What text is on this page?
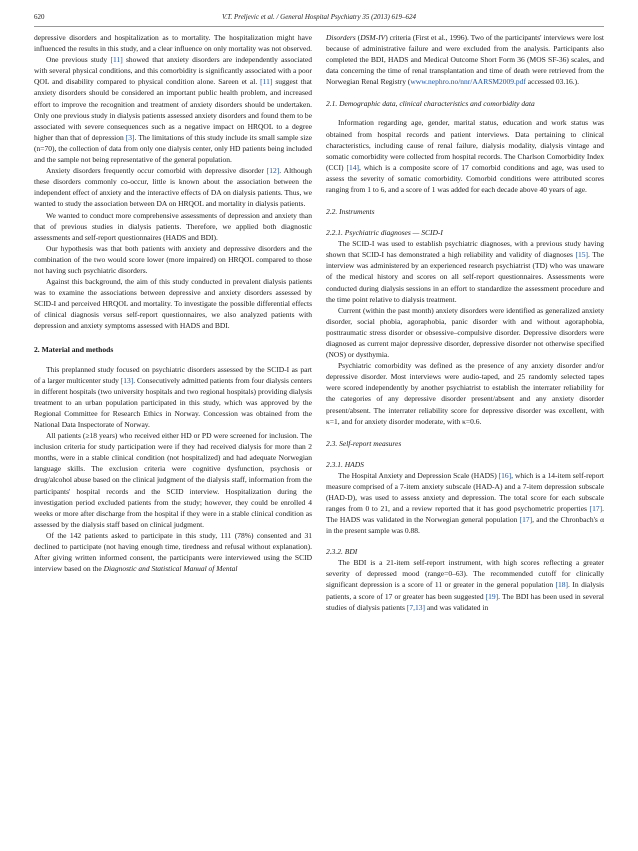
620	V.T. Preljevic et al. / General Hospital Psychiatry 35 (2013) 619–624

depressive disorders and hospitalization as to mortality. The hospitalization might have influenced the results in this study, and a clear influence on only mortality was not observed.

One previous study [11] showed that anxiety disorders are independently associated with several physical conditions, and this comorbidity is significantly associated with a poor QOL and disability compared to physical condition alone. Sareen et al. [11] suggest that anxiety disorders should be considered an important public health problem, and increased effort to improve the recognition and treatment of anxiety disorders should be undertaken. Only one previous study in dialysis patients assessed anxiety disorders and found them to be associated with severe consequences such as a negative impact on HRQOL to a degree higher than that of depression [3]. The limitations of this study include its small sample size (n=70), the collection of data from only one dialysis center, only HD patients being included and the sample not being representative of the general population.

Anxiety disorders frequently occur comorbid with depressive disorder [12]. Although these disorders commonly co-occur, little is known about the association between the independent effect of anxiety and the interactive effects of DA on dialysis patients. Thus, we wanted to study the association between DA on HRQOL and mortality in dialysis patients.

We wanted to conduct more comprehensive assessments of depression and anxiety than that of previous studies in dialysis patients. Therefore, we applied both diagnostic assessments and self-report questionnaires (HADS and BDI).

Our hypothesis was that both patients with anxiety and depressive disorders and the combination of the two would score lower (more impaired) on HRQOL compared to those not having such psychiatric disorders.

Against this background, the aim of this study conducted in prevalent dialysis patients was to examine the associations between depressive and anxiety disorders assessed by SCID-I and perceived HRQOL and mortality. To investigate the possible differential effects of clinical diagnosis versus self-report questionnaires, we also analyzed patients with depression and anxiety symptoms assessed with HADS and BDI.

2. Material and methods

This preplanned study focused on psychiatric disorders assessed by the SCID-I as part of a larger multicenter study [13]. Consecutively admitted patients from four dialysis centers in different hospitals (two university hospitals and two regional hospitals) providing dialysis treatment to an urban population participated in this study, which was approved by the Regional Committee for Research Ethics in Norway. Concession was obtained from the National Data Inspectorate of Norway.

All patients (≥18 years) who received either HD or PD were screened for inclusion. The inclusion criteria for study participation were if they had received dialysis for more than 2 months, were in a stable clinical condition (not hospitalized) and had adequate Norwegian language skills. The exclusion criteria were cognitive dysfunction, psychosis or drug/alcohol abuse based on the clinical judgment of the dialysis staff, information from the participants' hospital records and the SCID interview. Hospitalization during the investigation period excluded patients from the study; however, they could be enrolled 4 weeks or more after discharge from the hospital if they were in a stable clinical condition as assessed by the dialysis staff based on clinical judgment.

Of the 142 patients asked to participate in this study, 111 (78%) consented and 31 declined to participate (not having enough time, tiredness and refusal without explanation). After giving written informed consent, the participants were interviewed using the SCID interview based on the Diagnostic and Statistical Manual of Mental

Disorders (DSM-IV) criteria (First et al., 1996). Two of the participants' interviews were lost because of administrative failure and were excluded from the analysis. Participants also completed the BDI, HADS and Medical Outcome Short Form 36 (MOS SF-36) scales, and data concerning the time of renal transplantation and time of death were retrieved from the Norwegian Renal Registry (www.nephro.no/nnr/AARSM2009.pdf accessed 03.16.).

2.1. Demographic data, clinical characteristics and comorbidity data

Information regarding age, gender, marital status, education and work status was obtained from hospital records and patient interviews. Data pertaining to clinical characteristics, including cause of renal failure, dialysis modality, dialysis vintage and somatic comorbidity were collected from hospital records. The Charlson Comorbidity Index (CCI) [14], which is a composite score of 17 comorbid conditions and age, was used to assess the severity of somatic comorbidity. Comorbid conditions were attributed scores ranging from 1 to 6, and a score of 1 was added for each decade above 40 years of age.

2.2. Instruments
2.2.1. Psychiatric diagnoses — SCID-I

The SCID-I was used to establish psychiatric diagnoses, with a previous study having shown that SCID-I has demonstrated a high reliability and validity of diagnoses [15]. The interview was administered by an experienced research psychiatrist (TD) who was unaware of the medical history and scores on all self-report questionnaires. Assessments were conducted during dialysis sessions in an effort to standardize the assessment procedure and the time point relative to dialysis treatment.

Current (within the past month) anxiety disorders were identified as generalized anxiety disorder, social phobia, agoraphobia, panic disorder with and without agoraphobia, posttraumatic stress disorder or obsessive–compulsive disorder. Depressive disorders were diagnosed as current major depressive disorder, depressive disorder not otherwise specified (NOS) or dysthymia.

Psychiatric comorbidity was defined as the presence of any anxiety disorder and/or depressive disorder. Most interviews were audio-taped, and 25 randomly selected tapes were scored independently by another psychiatrist to establish the interrater reliability for the categories of any depressive disorder present/absent and any anxiety disorder present/absent. The interrater reliability score for depressive disorder was excellent, with κ=1, and for anxiety disorder moderate, with κ=0.6.

2.3. Self-report measures
2.3.1. HADS

The Hospital Anxiety and Depression Scale (HADS) [16], which is a 14-item self-report measure comprised of a 7-item anxiety subscale (HAD-A) and a 7-item depression subscale (HAD-D), was used to assess anxiety and depression. The total score for each subscale ranges from 0 to 21, and a review reported that it has good psychometric properties [17]. The HADS was validated in the Norwegian general population [17], and the Chronbach's α in the present sample was 0.88.

2.3.2. BDI

The BDI is a 21-item self-report instrument, with high scores reflecting a greater severity of depressed mood (range=0–63). The recommended cutoff for clinically significant depression is a score of 11 or greater in the general population [18]. In dialysis patients, a score of 17 or greater has been suggested [19]. The BDI has been used in several studies of dialysis patients [7,13] and was validated in
